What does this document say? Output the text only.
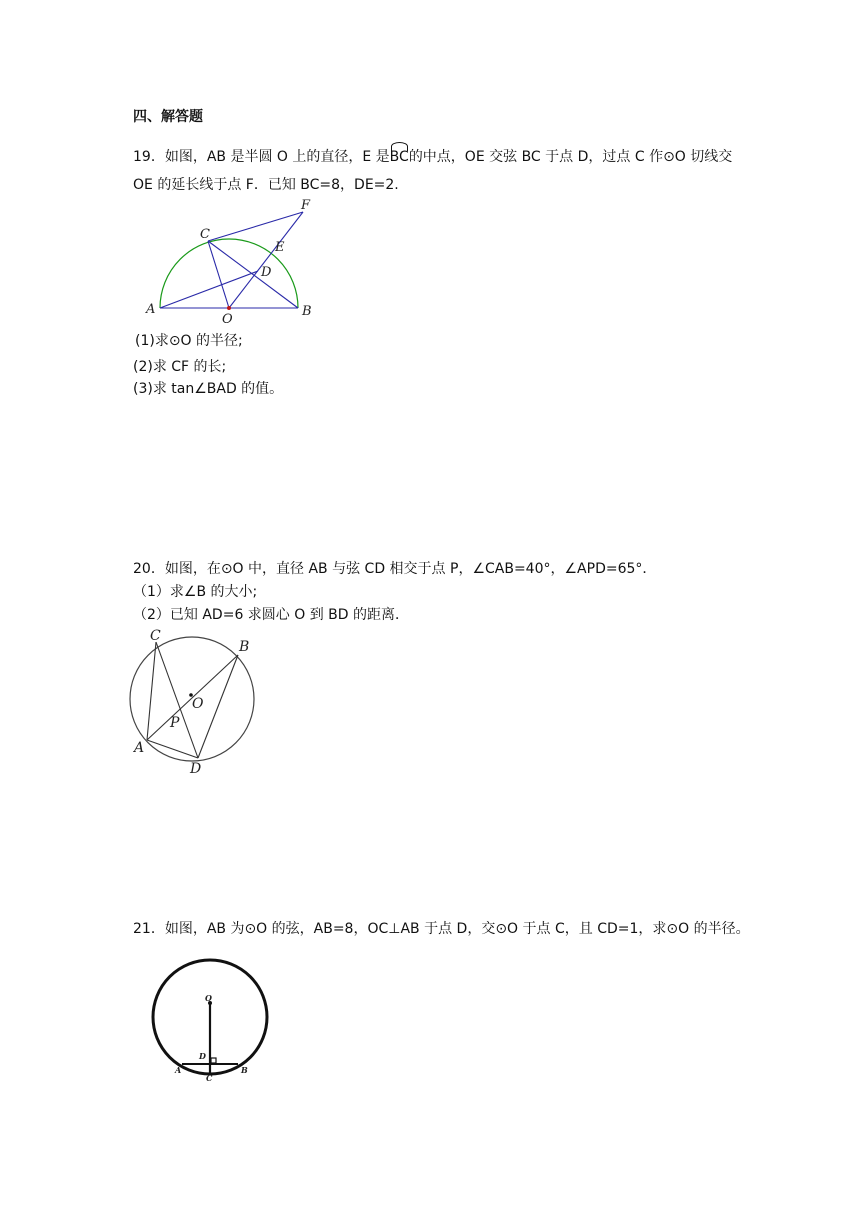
四、解答题
19．如图，AB 是半圆 O 上的直径，E 是BC的中点，OE 交弦 BC 于点 D，过点 C 作⊙O 切线交
OE 的延长线于点 F．已知 BC=8，DE=2.
A	B
C
D
E
F
O
(1)求⊙O 的半径;
(2)求 CF 的长;
(3)求 tan∠BAD 的值。
20．如图，在⊙O 中，直径 AB 与弦 CD 相交于点 P，∠CAB=40°，∠APD=65°．
（1）求∠B 的大小;
（2）已知 AD=6 求圆心 O 到 BD 的距离．
C
B
O
P
A
D
21．如图，AB 为⊙O 的弦，AB=8，OC⊥AB 于点 D，交⊙O 于点 C，且 CD=1，求⊙O 的半径。
O
D
A
C
B
